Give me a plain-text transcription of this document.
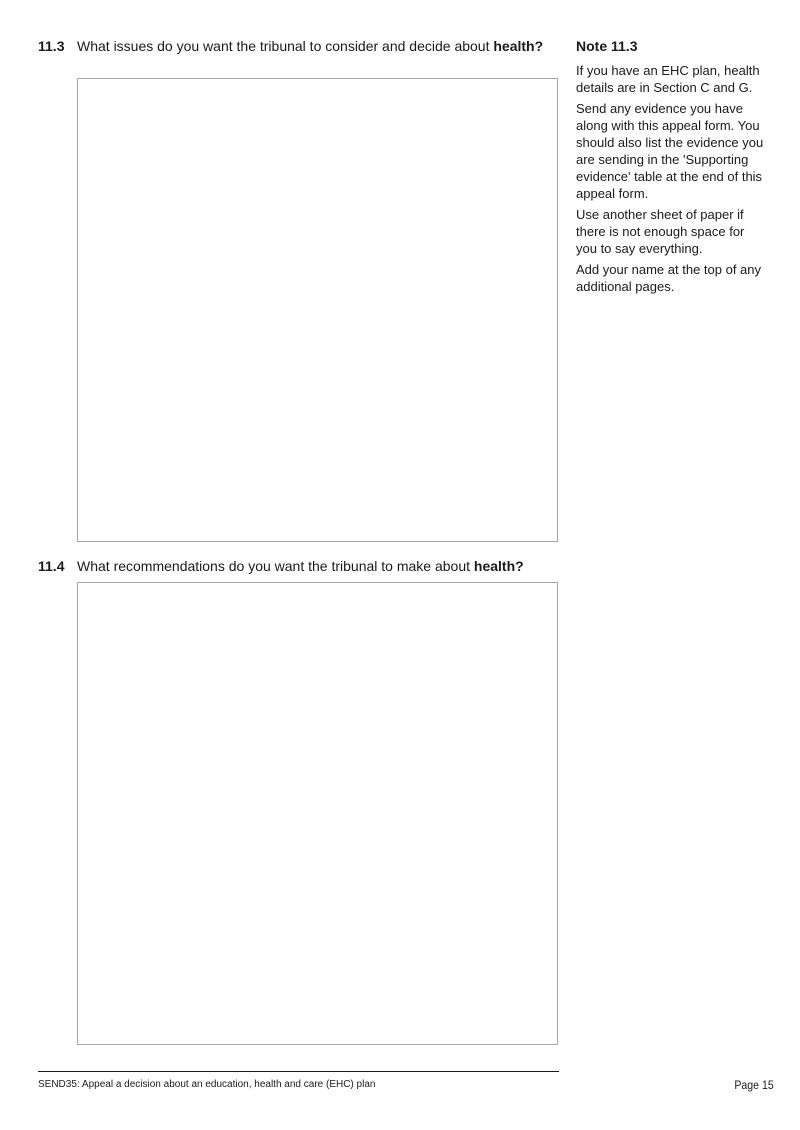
11.3 What issues do you want the tribunal to consider and decide about health?
11.4 What recommendations do you want the tribunal to make about health?
Note 11.3

If you have an EHC plan, health details are in Section C and G.

Send any evidence you have along with this appeal form. You should also list the evidence you are sending in the 'Supporting evidence' table at the end of this appeal form.

Use another sheet of paper if there is not enough space for you to say everything.

Add your name at the top of any additional pages.

SEND35: Appeal a decision about an education, health and care (EHC) plan	Page 15
